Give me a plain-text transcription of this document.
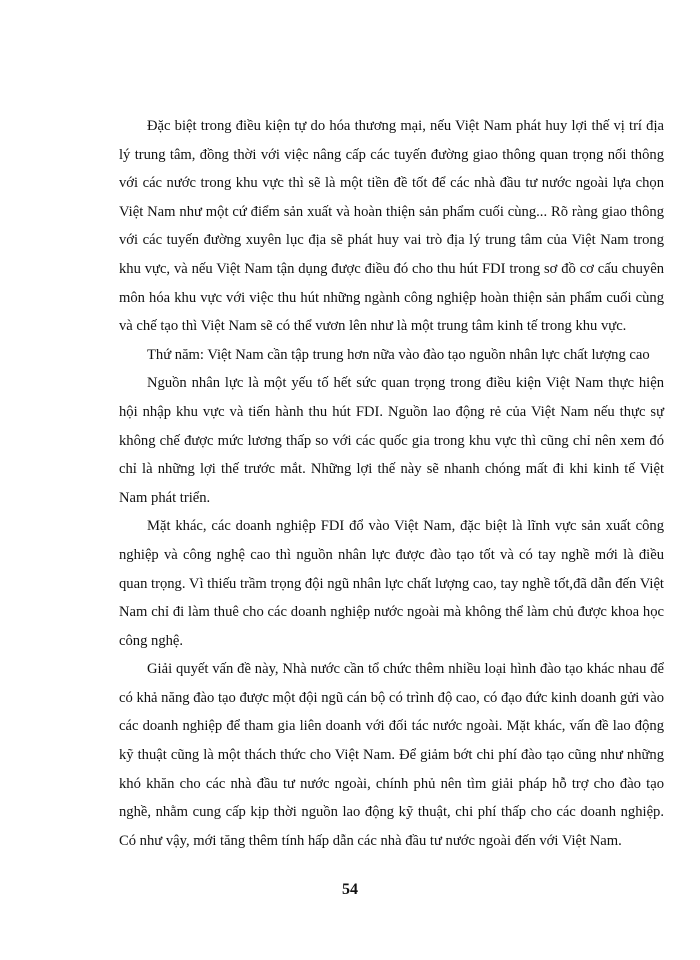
Đặc biệt trong điều kiện tự do hóa thương mại, nếu Việt Nam phát huy lợi thế vị trí địa lý trung tâm, đồng thời với việc nâng cấp các tuyến đường giao thông quan trọng nối thông với các nước trong khu vực thì sẽ là một tiền đề tốt để các nhà đầu tư nước ngoài lựa chọn Việt Nam như một cứ điểm sản xuất và hoàn thiện sản phẩm cuối cùng... Rõ ràng giao thông với các tuyến đường xuyên lục địa sẽ phát huy vai trò địa lý trung tâm của Việt Nam trong khu vực, và nếu Việt Nam tận dụng được điều đó cho thu hút FDI trong sơ đồ cơ cấu chuyên môn hóa khu vực với việc thu hút những ngành công nghiệp hoàn thiện sản phẩm cuối cùng và chế tạo thì Việt Nam sẽ có thể vươn lên như là một trung tâm kinh tế trong khu vực.

Thứ năm: Việt Nam cần tập trung hơn nữa vào đào tạo nguồn nhân lực chất lượng cao

Nguồn nhân lực là một yếu tố hết sức quan trọng trong điều kiện Việt Nam thực hiện hội nhập khu vực và tiến hành thu hút FDI. Nguồn lao động rẻ của Việt Nam nếu thực sự không chế được mức lương thấp so với các quốc gia trong khu vực thì cũng chỉ nên xem đó chỉ là những lợi thế trước mắt. Những lợi thế này sẽ nhanh chóng mất đi khi kinh tế Việt Nam phát triển.

Mặt khác, các doanh nghiệp FDI đổ vào Việt Nam, đặc biệt là lĩnh vực sản xuất công nghiệp và công nghệ cao thì nguồn nhân lực được đào tạo tốt và có tay nghề mới là điều quan trọng. Vì thiếu trầm trọng đội ngũ nhân lực chất lượng cao, tay nghề tốt,đã dẫn đến Việt Nam chỉ đi làm thuê cho các doanh nghiệp nước ngoài mà không thể làm chủ được khoa học công nghệ.

Giải quyết vấn đề này, Nhà nước cần tổ chức thêm nhiều loại hình đào tạo khác nhau để có khả năng đào tạo được một đội ngũ cán bộ có trình độ cao, có đạo đức kinh doanh gửi vào các doanh nghiệp để tham gia liên doanh với đối tác nước ngoài. Mặt khác, vấn đề lao động kỹ thuật cũng là một thách thức cho Việt Nam. Để giảm bớt chi phí đào tạo cũng như những khó khăn cho các nhà đầu tư nước ngoài, chính phủ nên tìm giải pháp hỗ trợ cho đào tạo nghề, nhằm cung cấp kịp thời nguồn lao động kỹ thuật, chi phí thấp cho các doanh nghiệp. Có như vậy, mới tăng thêm tính hấp dẫn các nhà đầu tư nước ngoài đến với Việt Nam.

54
